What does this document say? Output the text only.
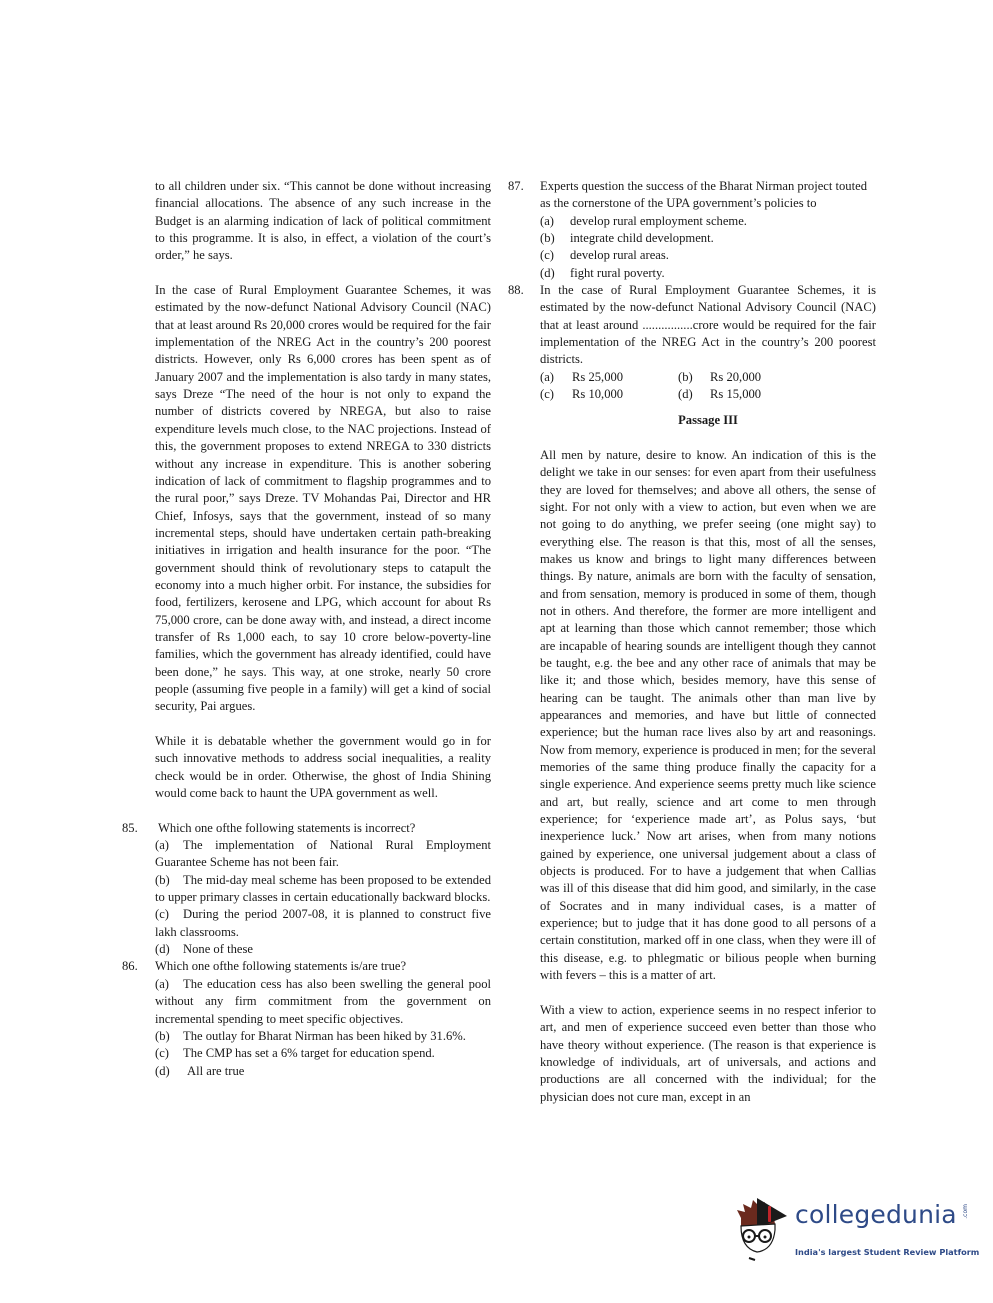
to all children under six. “This cannot be done without increasing financial allocations. The absence of any such increase in the Budget is an alarming indication of lack of political commitment to this programme. It is also, in effect, a violation of the court’s order,” he says.

In the case of Rural Employment Guarantee Schemes, it was estimated by the now-defunct National Advisory Council (NAC) that at least around Rs 20,000 crores would be required for the fair implementation of the NREG Act in the country’s 200 poorest districts. However, only Rs 6,000 crores has been spent as of January 2007 and the implementation is also tardy in many states, says Dreze “The need of the hour is not only to expand the number of districts covered by NREGA, but also to raise expenditure levels much close, to the NAC projections. Instead of this, the government proposes to extend NREGA to 330 districts without any increase in expenditure. This is another sobering indication of lack of commitment to flagship programmes and to the rural poor,” says Dreze. TV Mohandas Pai, Director and HR Chief, Infosys, says that the government, instead of so many incremental steps, should have undertaken certain path-breaking initiatives in irrigation and health insurance for the poor. “The government should think of revolutionary steps to catapult the economy into a much higher orbit. For instance, the subsidies for food, fertilizers, kerosene and LPG, which account for about Rs 75,000 crore, can be done away with, and instead, a direct income transfer of Rs 1,000 each, to say 10 crore below-poverty-line families, which the government has already identified, could have been done,” he says. This way, at one stroke, nearly 50 crore people (assuming five people in a family) will get a kind of social security, Pai argues.

While it is debatable whether the government would go in for such innovative methods to address social inequalities, a reality check would be in order. Otherwise, the ghost of India Shining would come back to haunt the UPA government as well.

85. Which one ofthe following statements is incorrect?

(a) The implementation of National Rural Employment Guarantee Scheme has not been fair.

(b) The mid-day meal scheme has been proposed to be extended to upper primary classes in certain educationally backward blocks.

(c) During the period 2007-08, it is planned to construct five lakh classrooms.

(d) None of these

86. Which one ofthe following statements is/are true?

(a) The education cess has also been swelling the general pool without any firm commitment from the government on incremental spending to meet specific objectives.

(b) The outlay for Bharat Nirman has been hiked by 31.6%.

(c) The CMP has set a 6% target for education spend.

(d) All are true

87. Experts question the success of the Bharat Nirman project touted as the cornerstone of the UPA government’s policies to

(a)	develop rural employment scheme.
(b)	integrate child development.
(c)	develop rural areas.
(d)	fight rural poverty.
88. In the case of Rural Employment Guarantee Schemes, it is estimated by the now-defunct National Advisory Council (NAC) that at least around ................crore would be required for the fair implementation of the NREG Act in the country’s 200 poorest districts.

(a)	Rs 25,000	(b)	Rs 20,000
(c)	Rs 10,000	(d)	Rs 15,000

Passage III

All men by nature, desire to know. An indication of this is the delight we take in our senses: for even apart from their usefulness they are loved for themselves; and above all others, the sense of sight. For not only with a view to action, but even when we are not going to do anything, we prefer seeing (one might say) to everything else. The reason is that this, most of all the senses, makes us know and brings to light many differences between things. By nature, animals are born with the faculty of sensation, and from sensation, memory is produced in some of them, though not in others. And therefore, the former are more intelligent and apt at learning than those which cannot remember; those which are incapable of hearing sounds are intelligent though they cannot be taught, e.g. the bee and any other race of animals that may be like it; and those which, besides memory, have this sense of hearing can be taught. The animals other than man live by appearances and memories, and have but little of connected experience; but the human race lives also by art and reasonings. Now from memory, experience is produced in men; for the several memories of the same thing produce finally the capacity for a single experience. And experience seems pretty much like science and art, but really, science and art come to men through experience; for ‘experience made art’, as Polus says, ‘but inexperience luck.’ Now art arises, when from many notions gained by experience, one universal judgement about a class of objects is produced. For to have a judgement that when Callias was ill of this disease that did him good, and similarly, in the case of Socrates and in many individual cases, is a matter of experience; but to judge that it has done good to all persons of a certain constitution, marked off in one class, when they were ill of this disease, e.g. to phlegmatic or bilious people when burning with fevers – this is a matter of art.

With a view to action, experience seems in no respect inferior to art, and men of experience succeed even better than those who have theory without experience. (The reason is that experience is knowledge of individuals, art of universals, and actions and productions are all concerned with the individual; for the physician does not cure man, except in an

collegedunia .com
India's largest Student Review Platform
